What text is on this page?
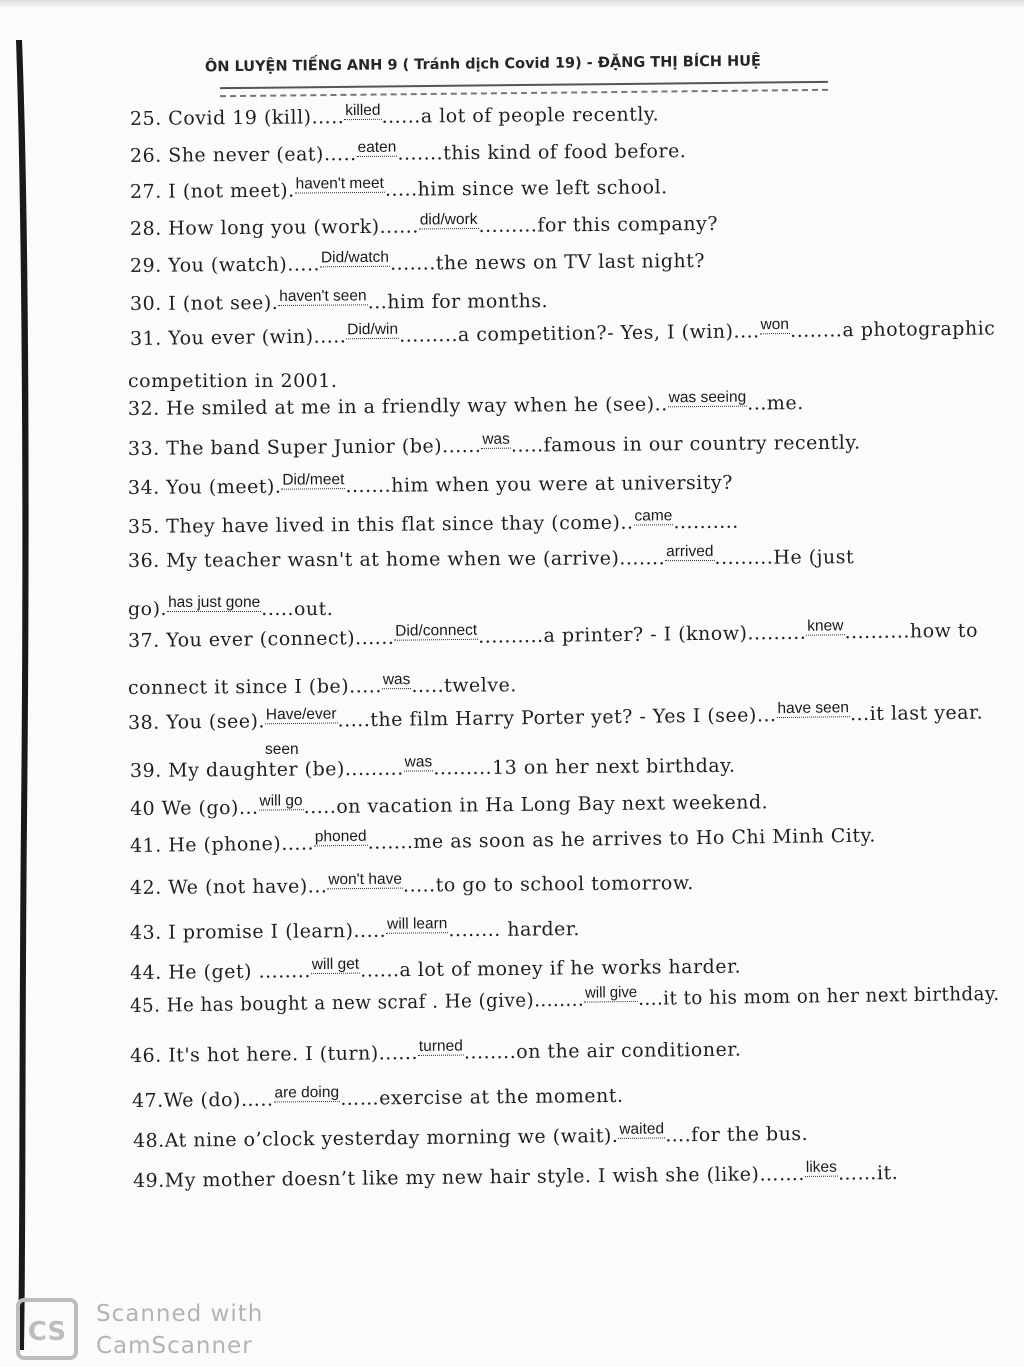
ÔN LUYỆN TIẾNG ANH 9 ( Tránh dịch Covid 19) - ĐẶNG THỊ BÍCH HUỆ
25. Covid 19 (kill).....killed......a lot of people recently.
26. She never (eat).....eaten.......this kind of food before.
27. I (not meet).haven't meet.....him since we left school.
28. How long you (work)......did/work.........for this company?
29. You (watch).....Did/watch.......the news on TV last night?
30. I (not see).haven't seen...him for months.
31. You ever (win).....Did/win.........a competition?- Yes, I (win)....won........a photographic
competition in 2001.
32. He smiled at me in a friendly way when he (see)..was seeing...me.
33. The band Super Junior (be)......was.....famous in our country recently.
34. You (meet).Did/meet.......him when you were at university?
35. They have lived in this flat since thay (come)..came..........
36. My teacher wasn't at home when we (arrive).......arrived.........He (just
go).has just gone.....out.
37. You ever (connect)......Did/connect..........a printer? - I (know).........knew..........how to
connect it since I (be).....was.....twelve.
38. You (see).Have/ever.....the film Harry Porter yet? - Yes I (see)...have seen...it last year.
39. My daughter (be).........was.........13 on her next birthday.
40 We (go)...will go.....on vacation in Ha Long Bay next weekend.
41. He (phone).....phoned.......me as soon as he arrives to Ho Chi Minh City.
42. We (not have)...won't have.....to go to school tomorrow.
43. I promise I (learn).....will learn........ harder.
44. He (get) ........will get......a lot of money if he works harder.
45. He has bought a new scraf . He (give)........will give....it to his mom on her next birthday.
46. It's hot here. I (turn)......turned........on the air conditioner.
47.We (do)…..are doing……exercise at the moment.
48.At nine o’clock yesterday morning we (wait).waited….for the bus.
49.My mother doesn’t like my new hair style. I wish she (like)…….likes……it.
seen
CS
Scanned with
CamScanner
